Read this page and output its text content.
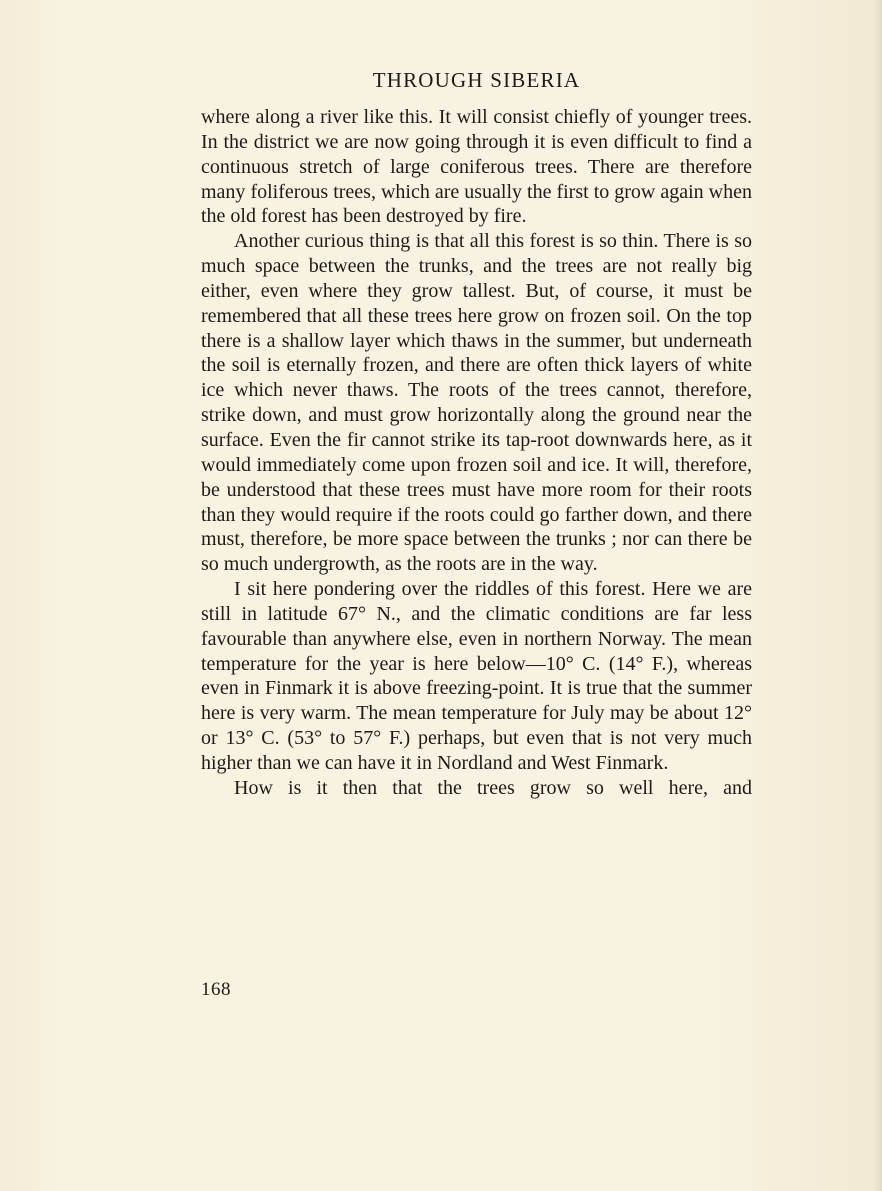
THROUGH SIBERIA

where along a river like this. It will consist chiefly of younger trees. In the district we are now going through it is even difficult to find a continuous stretch of large coniferous trees. There are therefore many foliferous trees, which are usually the first to grow again when the old forest has been destroyed by fire.

Another curious thing is that all this forest is so thin. There is so much space between the trunks, and the trees are not really big either, even where they grow tallest. But, of course, it must be remembered that all these trees here grow on frozen soil. On the top there is a shallow layer which thaws in the summer, but underneath the soil is eternally frozen, and there are often thick layers of white ice which never thaws. The roots of the trees cannot, therefore, strike down, and must grow horizontally along the ground near the surface. Even the fir cannot strike its tap-root downwards here, as it would immediately come upon frozen soil and ice. It will, therefore, be understood that these trees must have more room for their roots than they would require if the roots could go farther down, and there must, therefore, be more space between the trunks ; nor can there be so much undergrowth, as the roots are in the way.

I sit here pondering over the riddles of this forest. Here we are still in latitude 67° N., and the climatic conditions are far less favourable than anywhere else, even in northern Norway. The mean temperature for the year is here below—10° C. (14° F.), whereas even in Finmark it is above freezing-point. It is true that the summer here is very warm. The mean temperature for July may be about 12° or 13° C. (53° to 57° F.) perhaps, but even that is not very much higher than we can have it in Nordland and West Finmark.

How is it then that the trees grow so well here, and

168
